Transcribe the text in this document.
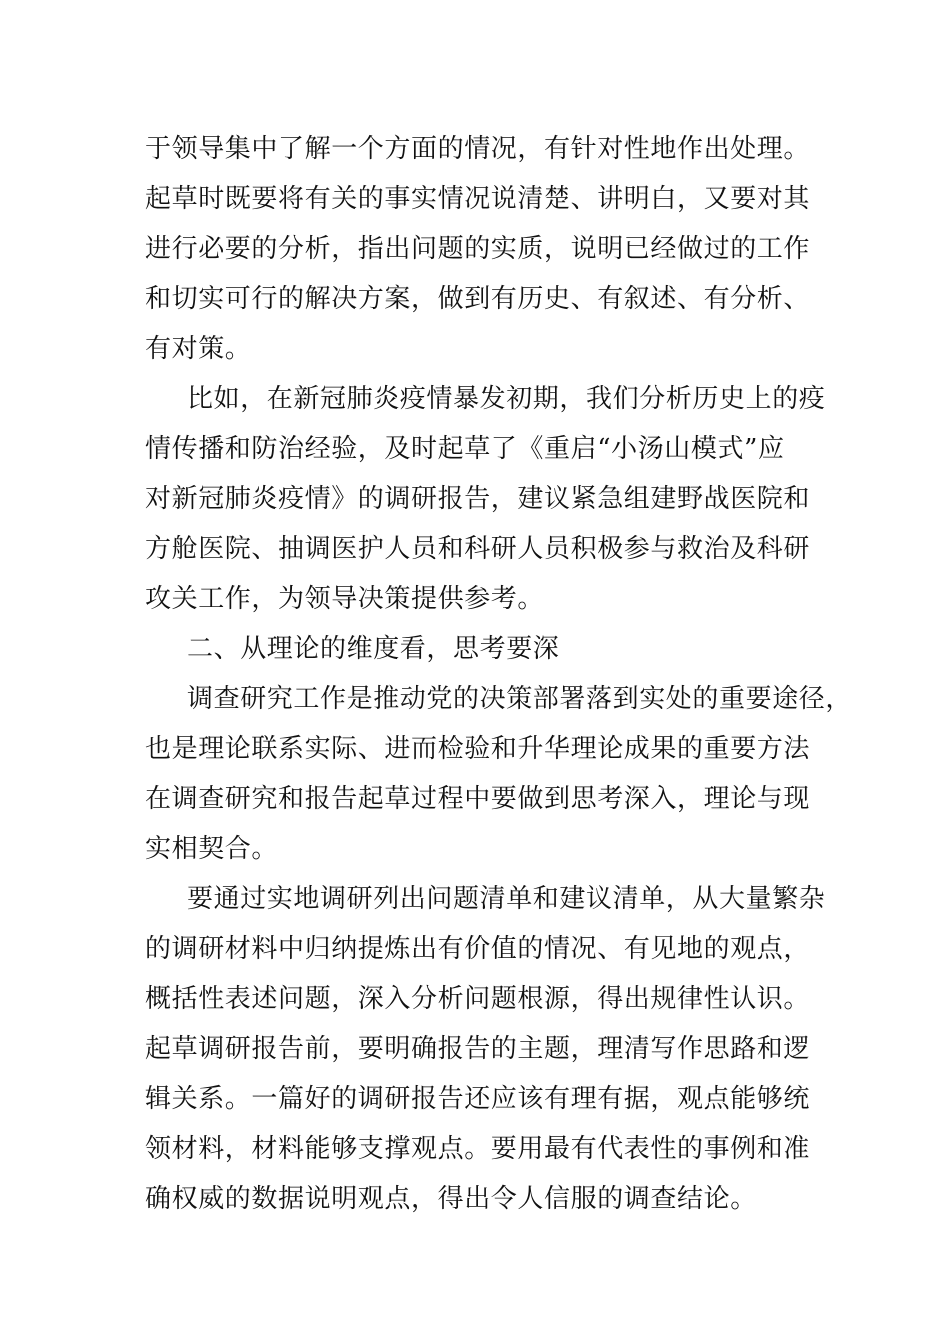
于领导集中了解一个方面的情况，有针对性地作出处理。
起草时既要将有关的事实情况说清楚、讲明白，又要对其
进行必要的分析，指出问题的实质，说明已经做过的工作
和切实可行的解决方案，做到有历史、有叙述、有分析、
有对策。
比如，在新冠肺炎疫情暴发初期，我们分析历史上的疫
情传播和防治经验，及时起草了《重启“小汤山模式”应
对新冠肺炎疫情》的调研报告，建议紧急组建野战医院和
方舱医院、抽调医护人员和科研人员积极参与救治及科研
攻关工作，为领导决策提供参考。
二、从理论的维度看，思考要深
调查研究工作是推动党的决策部署落到实处的重要途径，
也是理论联系实际、进而检验和升华理论成果的重要方法
在调查研究和报告起草过程中要做到思考深入，理论与现
实相契合。
要通过实地调研列出问题清单和建议清单，从大量繁杂
的调研材料中归纳提炼出有价值的情况、有见地的观点，
概括性表述问题，深入分析问题根源，得出规律性认识。
起草调研报告前，要明确报告的主题，理清写作思路和逻
辑关系。一篇好的调研报告还应该有理有据，观点能够统
领材料，材料能够支撑观点。要用最有代表性的事例和准
确权威的数据说明观点，得出令人信服的调查结论。
